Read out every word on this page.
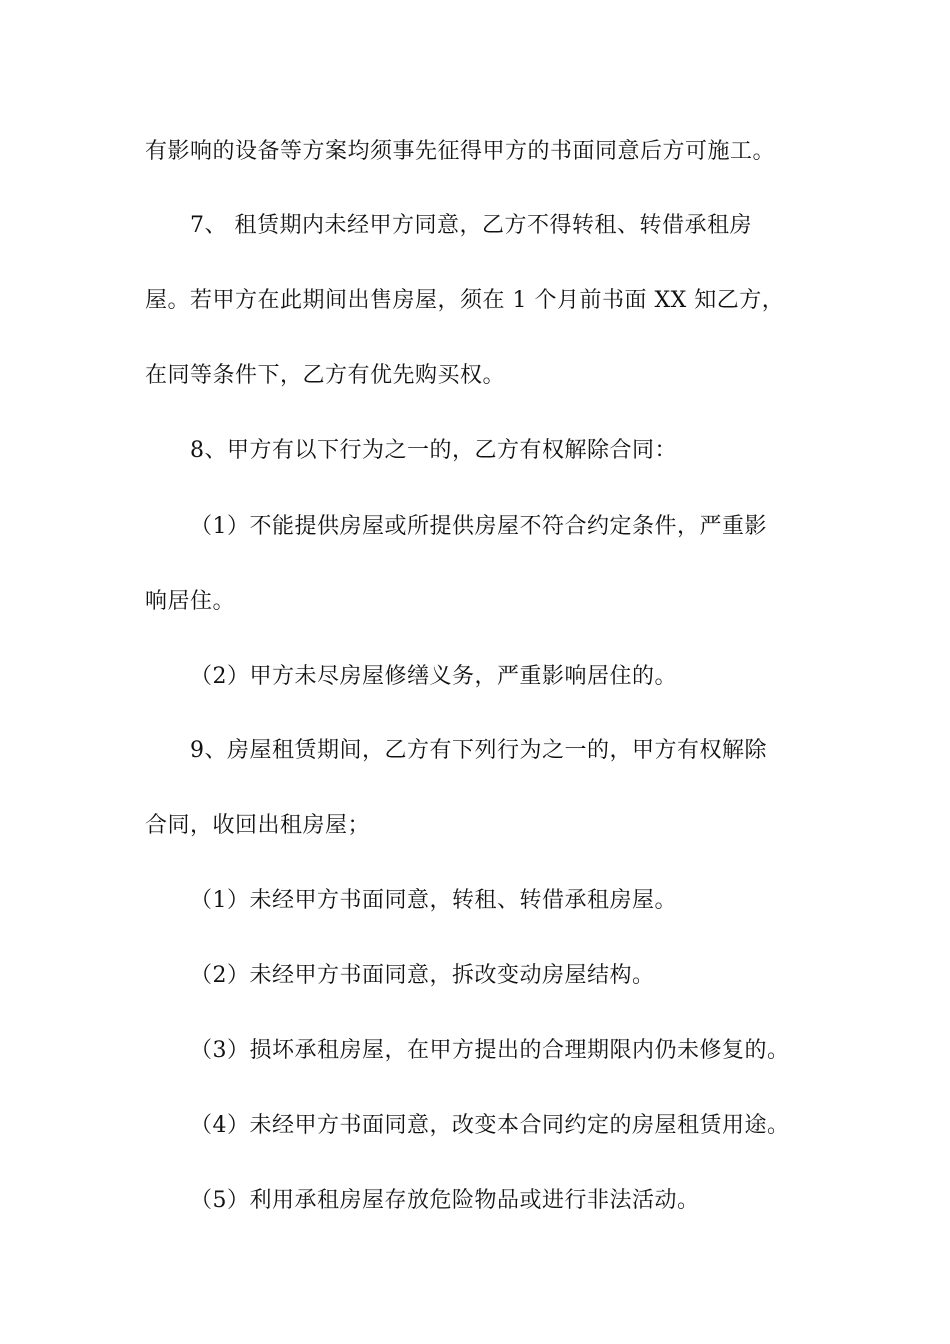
有影响的设备等方案均须事先征得甲方的书面同意后方可施工。
7、 租赁期内未经甲方同意，乙方不得转租、转借承租房
屋。若甲方在此期间出售房屋，须在 1 个月前书面 XX 知乙方，
在同等条件下，乙方有优先购买权。
8、甲方有以下行为之一的，乙方有权解除合同：
（1）不能提供房屋或所提供房屋不符合约定条件，严重影
响居住。
（2）甲方未尽房屋修缮义务，严重影响居住的。
9、房屋租赁期间，乙方有下列行为之一的，甲方有权解除
合同，收回出租房屋；
（1）未经甲方书面同意，转租、转借承租房屋。
（2）未经甲方书面同意，拆改变动房屋结构。
（3）损坏承租房屋，在甲方提出的合理期限内仍未修复的。
（4）未经甲方书面同意，改变本合同约定的房屋租赁用途。
（5）利用承租房屋存放危险物品或进行非法活动。
